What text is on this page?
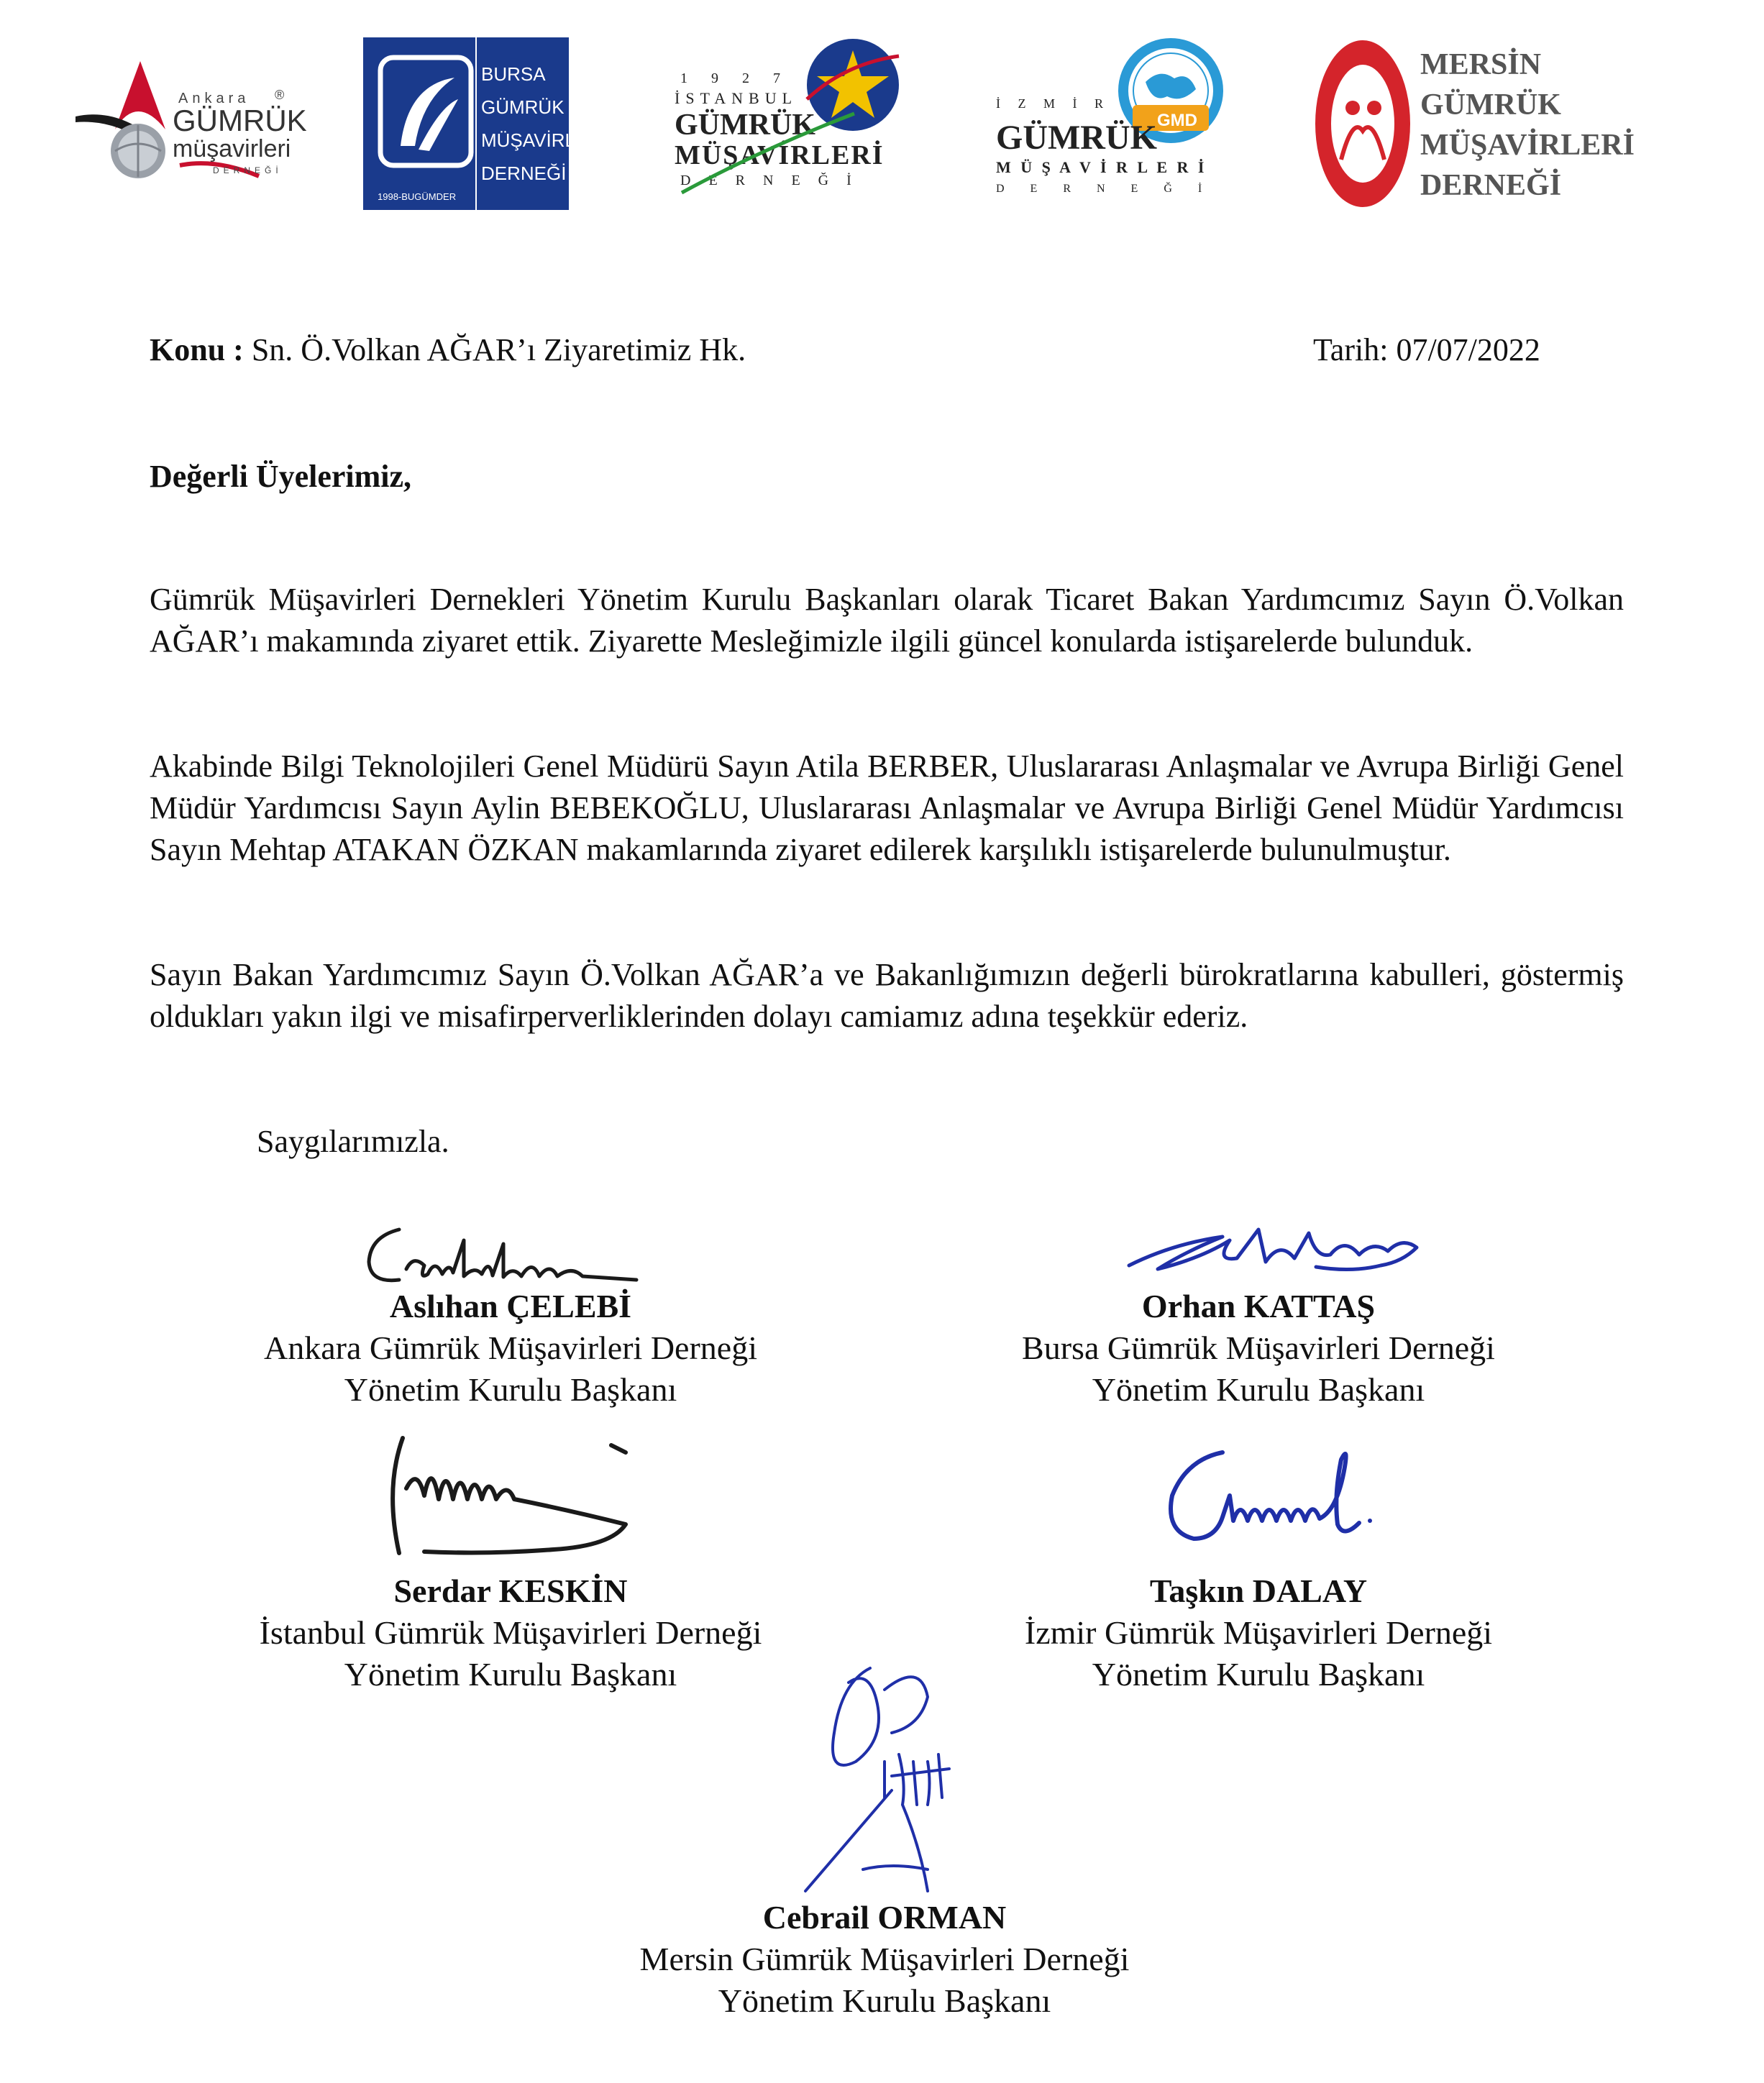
Ankara ®
GÜMRÜK
müşavirleri
DERNEĞİ
1998-BUGÜMDER
BURSA
GÜMRÜK
MÜŞAVİRLERİ
DERNEĞİ
1 9 2 7
İSTANBUL
GÜMRÜK
MÜŞAVİRLERİ
D E R N E Ğ İ
GMD
İ Z M İ R
GÜMRÜK
M Ü Ş A V İ R L E R İ
D E R N E Ğ İ
MERSİN
GÜMRÜK
MÜŞAVİRLERİ
DERNEĞİ
Konu : Sn. Ö.Volkan AĞAR’ı Ziyaretimiz Hk.	Tarih: 07/07/2022
Değerli Üyelerimiz,
Gümrük Müşavirleri Dernekleri Yönetim Kurulu Başkanları olarak Ticaret Bakan Yardımcımız Sayın Ö.Volkan AĞAR’ı makamında ziyaret ettik. Ziyarette Mesleğimizle ilgili güncel konularda istişarelerde bulunduk.
Akabinde Bilgi Teknolojileri Genel Müdürü Sayın Atila BERBER, Uluslararası Anlaşmalar ve Avrupa Birliği Genel Müdür Yardımcısı Sayın Aylin BEBEKOĞLU, Uluslararası Anlaşmalar ve Avrupa Birliği Genel Müdür Yardımcısı Sayın Mehtap ATAKAN ÖZKAN makamlarında ziyaret edilerek karşılıklı istişarelerde bulunulmuştur.
Sayın Bakan Yardımcımız Sayın Ö.Volkan AĞAR’a ve Bakanlığımızın değerli bürokratlarına kabulleri, göstermiş oldukları yakın ilgi ve misafirperverliklerinden dolayı camiamız adına teşekkür ederiz.
Saygılarımızla.
Aslıhan ÇELEBİ
Ankara Gümrük Müşavirleri Derneği
Yönetim Kurulu Başkanı
Orhan KATTAŞ
Bursa Gümrük Müşavirleri Derneği
Yönetim Kurulu Başkanı
Serdar KESKİN
İstanbul Gümrük Müşavirleri Derneği
Yönetim Kurulu Başkanı
Taşkın DALAY
İzmir Gümrük Müşavirleri Derneği
Yönetim Kurulu Başkanı
Cebrail ORMAN
Mersin Gümrük Müşavirleri Derneği
Yönetim Kurulu Başkanı
